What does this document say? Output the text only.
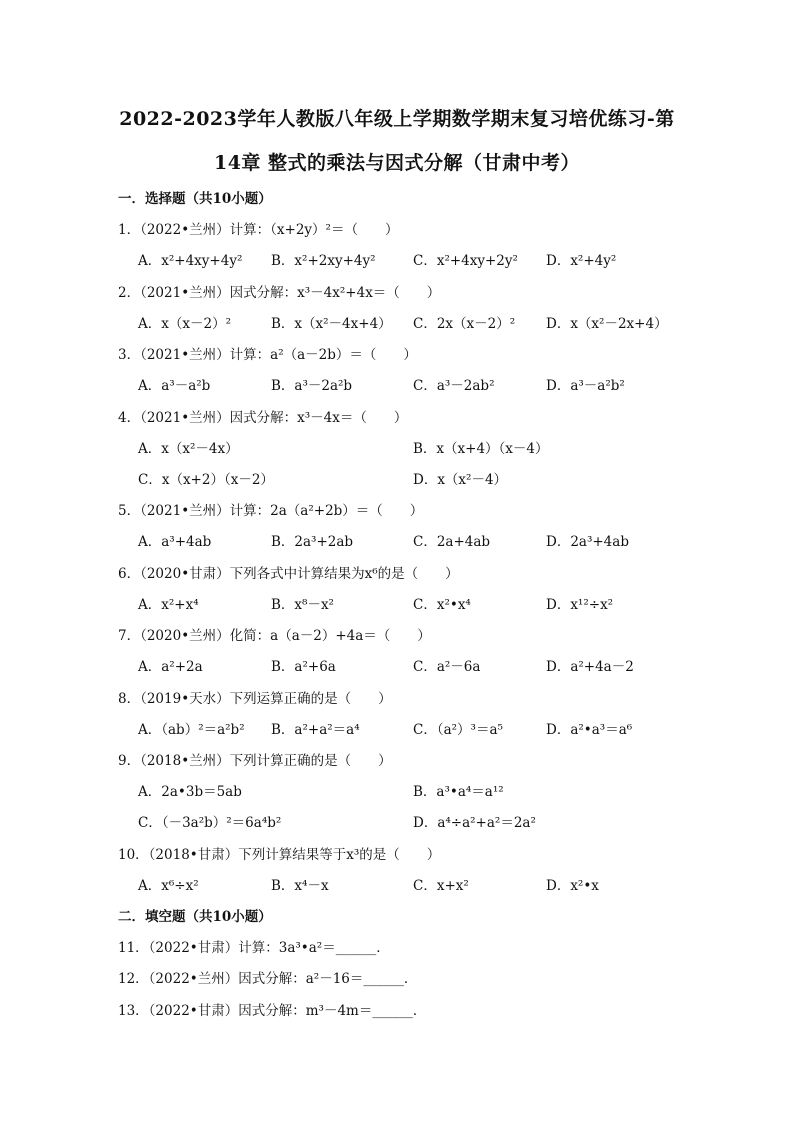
2022-2023学年人教版八年级上学期数学期末复习培优练习-第
14章 整式的乘法与因式分解（甘肃中考）
一．选择题（共10小题）
1．（2022•兰州）计算：（x+2y）²＝（　　）
A．x²+4xy+4y² B．x²+2xy+4y²	C．x²+4xy+2y² D．x²+4y²
2．（2021•兰州）因式分解：x³－4x²+4x＝（　　）
A．x（x－2）²	B．x（x²－4x+4） C．2x（x－2）² D．x（x²－2x+4）
3．（2021•兰州）计算：a²（a－2b）＝（　　）
A．a³－a²b	B．a³－2a²b	C．a³－2ab²	D．a³－a²b²
4．（2021•兰州）因式分解：x³－4x＝（　　）
A．x（x²－4x）	B．x（x+4）（x－4）
C．x（x+2）（x－2）	D．x（x²－4）
5．（2021•兰州）计算：2a（a²+2b）＝（　　）
A．a³+4ab	B．2a³+2ab	C．2a+4ab	D．2a³+4ab
6．（2020•甘肃）下列各式中计算结果为x⁶的是（　　）
A．x²+x⁴	B．x⁸－x²	C．x²•x⁴	D．x¹²÷x²
7．（2020•兰州）化简：a（a－2）+4a＝（　　）
A．a²+2a	B．a²+6a	C．a²－6a	D．a²+4a－2
8．（2019•天水）下列运算正确的是（　　）
A．（ab）²＝a²b² B．a²+a²＝a⁴	C．（a²）³＝a⁵	D．a²•a³＝a⁶
9．（2018•兰州）下列计算正确的是（　　）
A．2a•3b＝5ab	B．a³•a⁴＝a¹²
C．（－3a²b）²＝6a⁴b²	D．a⁴÷a²+a²＝2a²
10．（2018•甘肃）下列计算结果等于x³的是（　　）
A．x⁶÷x²	B．x⁴－x	C．x+x²	D．x²•x
二．填空题（共10小题）
11．（2022•甘肃）计算：3a³•a²＝______．
12．（2022•兰州）因式分解：a²－16＝______．
13．（2022•甘肃）因式分解：m³－4m＝______．
